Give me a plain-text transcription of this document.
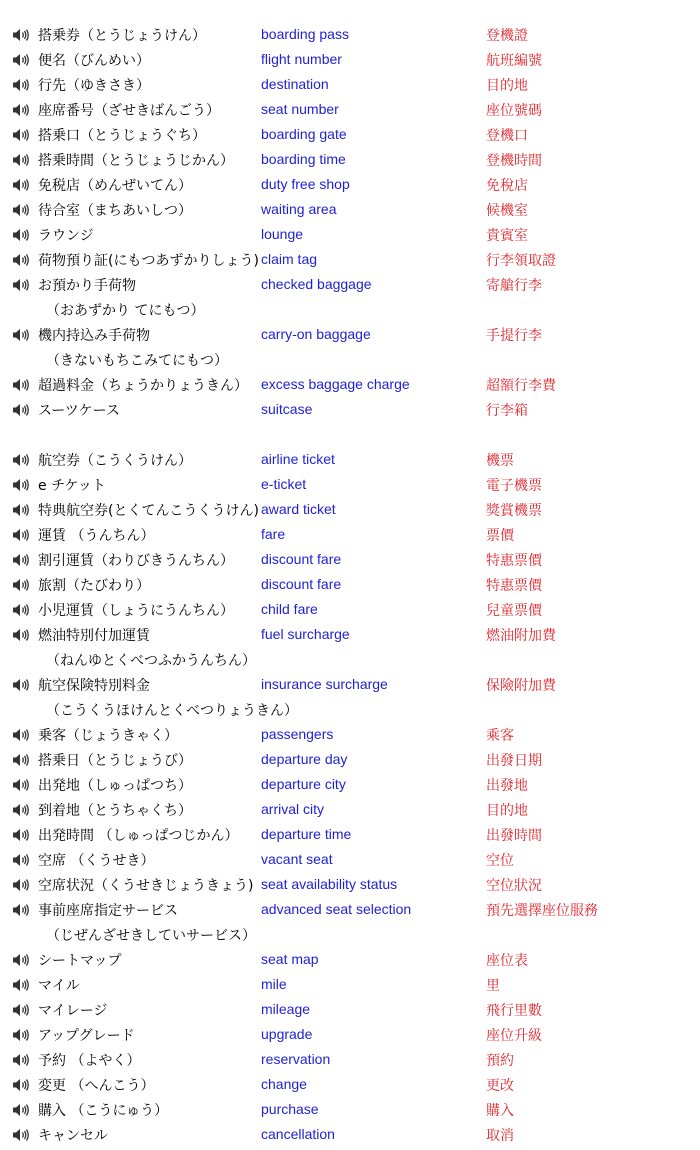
搭乗券（とうじょうけん）	boarding pass	登機證
便名（びんめい）	flight number	航班編號
行先（ゆきさき）	destination	目的地
座席番号（ざせきばんごう）	seat number	座位號碼
搭乗口（とうじょうぐち）	boarding gate	登機口
搭乗時間（とうじょうじかん） boarding time	登機時間
免税店（めんぜいてん）	duty free shop	免稅店
待合室（まちあいしつ）	waiting area	候機室
ラウンジ	lounge	貴賓室
荷物預り証(にもつあずかりしょう) claim tag	行李領取證
お預かり手荷物	checked baggage	寄艙行李
（おあずかり てにもつ）
機内持込み手荷物	carry-on baggage	手提行李
（きないもちこみてにもつ）
超過料金（ちょうかりょうきん） excess baggage charge	超額行李費
スーツケース	suitcase	行李箱
航空券（こうくうけん）	airline ticket	機票
e チケット	e-ticket	電子機票
特典航空券(とくてんこうくうけん) award ticket	獎賞機票
運賃 （うんちん）	fare	票價
割引運賃（わりびきうんちん） discount fare	特惠票價
旅割（たびわり）	discount fare	特惠票價
小児運賃（しょうにうんちん） child fare	兒童票價
燃油特別付加運賃	fuel surcharge	燃油附加費
（ねんゆとくべつふかうんちん）
航空保険特別料金	insurance surcharge	保險附加費
（こうくうほけんとくべつりょうきん）
乗客（じょうきゃく）	passengers	乘客
搭乗日（とうじょうび）	departure day	出發日期
出発地（しゅっぱつち）	departure city	出發地
到着地（とうちゃくち）	arrival city	目的地
出発時間 （しゅっぱつじかん） departure time	出發時間
空席 （くうせき）	vacant seat	空位
空席状況（くうせきじょうきょう) seat availability status	空位狀況
事前座席指定サービス	advanced seat selection	預先選擇座位服務
（じぜんざせきしていサービス）
シートマップ	seat map	座位表
マイル	mile	里
マイレージ	mileage	飛行里數
アップグレード	upgrade	座位升級
予約 （よやく）	reservation	預約
変更 （へんこう）	change	更改
購入 （こうにゅう）	purchase	購入
キャンセル	cancellation	取消
